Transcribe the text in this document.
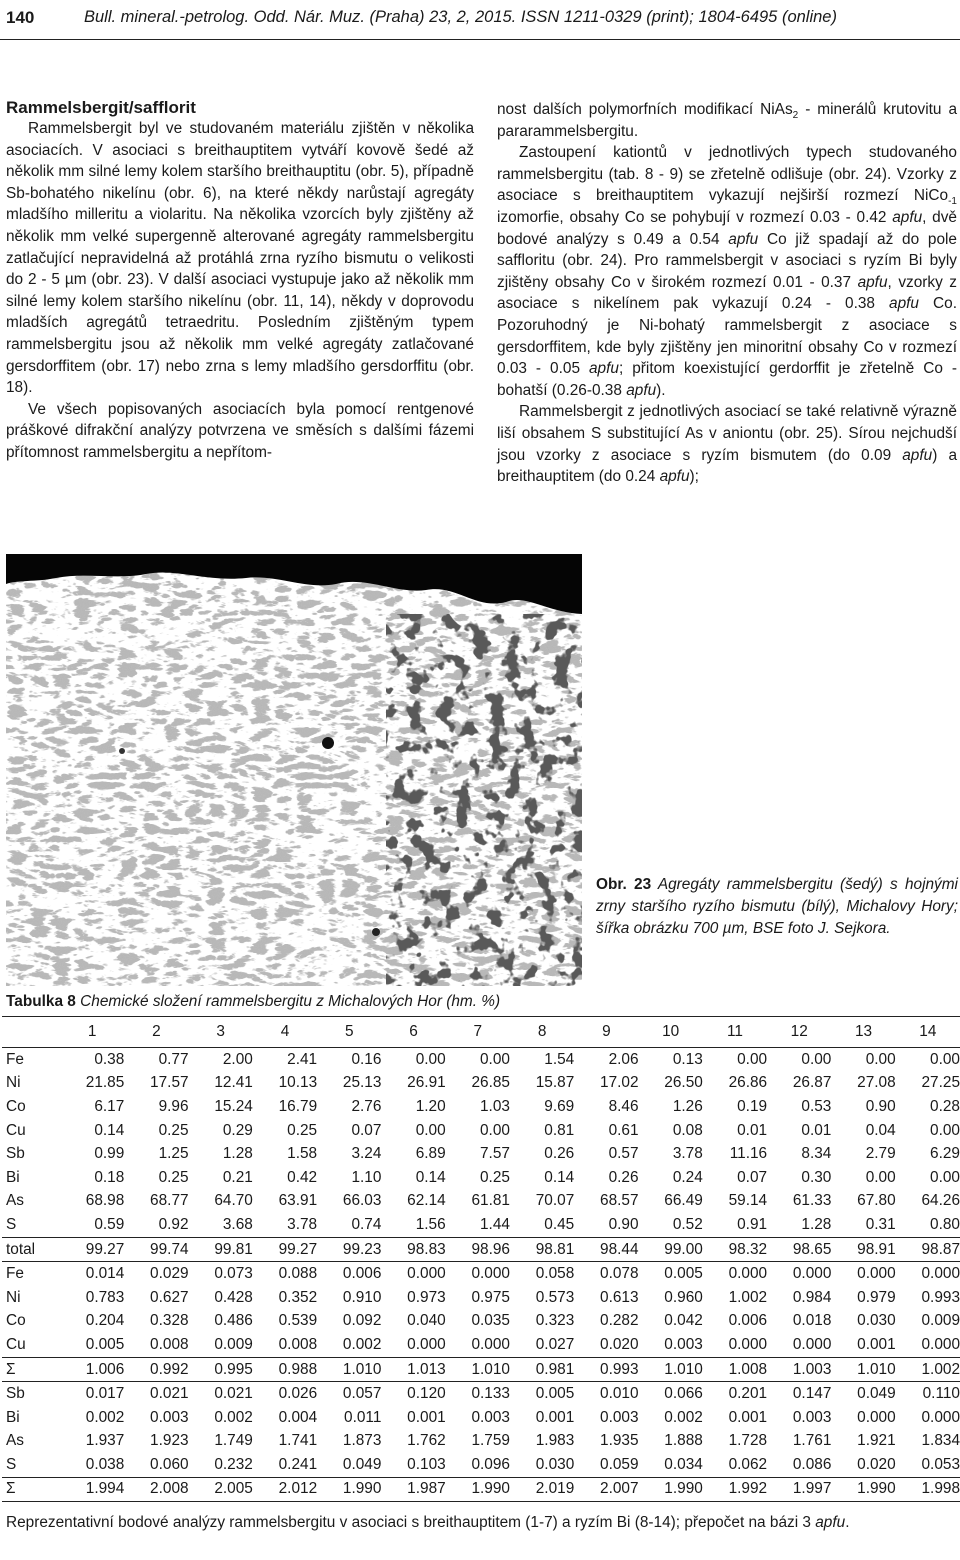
140	Bull. mineral.-petrolog. Odd. Nár. Muz. (Praha) 23, 2, 2015. ISSN 1211-0329 (print); 1804-6495 (online)
Rammelsbergit/safflorit

Rammelsbergit byl ve studovaném materiálu zjištěn v několika asociacích. V asociaci s breithauptitem vytváří kovově šedé až několik mm silné lemy kolem staršího breithauptitu (obr. 5), případně Sb-bohatého nikelínu (obr. 6), na které někdy narůstají agregáty mladšího milleritu a violaritu. Na několika vzorcích byly zjištěny až několik mm velké supergenně alterované agregáty rammelsbergitu zatlačující nepravidelná až protáhlá zrna ryzího bismutu o velikosti do 2 - 5 µm (obr. 23). V další asociaci vystupuje jako až několik mm silné lemy kolem staršího nikelínu (obr. 11, 14), někdy v doprovodu mladších agregátů tetraedritu. Posledním zjištěným typem rammelsbergitu jsou až několik mm velké agregáty zatlačované gersdorffitem (obr. 17) nebo zrna s lemy mladšího gersdorffitu (obr. 18).

Ve všech popisovaných asociacích byla pomocí rentgenové práškové difrakční analýzy potvrzena ve směsích s dalšími fázemi přítomnost rammelsbergitu a nepřítom-

nost dalších polymorfních modifikací NiAs$_2$ - minerálů krutovitu a pararammelsbergitu.

Zastoupení kationtů v jednotlivých typech studovaného rammelsbergitu (tab. 8 - 9) se zřetelně odlišuje (obr. 24). Vzorky z asociace s breithauptitem vykazují nejširší rozmezí NiCo$_{-1}$ izomorfie, obsahy Co se pohybují v rozmezí 0.03 - 0.42 apfu, dvě bodové analýzy s 0.49 a 0.54 apfu Co již spadají až do pole saffloritu (obr. 24). Pro rammelsbergit v asociaci s ryzím Bi byly zjištěny obsahy Co v širokém rozmezí 0.01 - 0.37 apfu, vzorky z asociace s nikelínem pak vykazují 0.24 - 0.38 apfu Co. Pozoruhodný je Ni-bohatý rammelsbergit z asociace s gersdorffitem, kde byly zjištěny jen minoritní obsahy Co v rozmezí 0.03 - 0.05 apfu; přitom koexistující gerdorffit je zřetelně Co -bohatší (0.26-0.38 apfu).

Rammelsbergit z jednotlivých asociací se také relativně výrazně liší obsahem S substitující As v aniontu (obr. 25). Sírou nejchudší jsou vzorky z asociace s ryzím bismutem (do 0.09 apfu) a breithauptitem (do 0.24 apfu);

Obr. 23 Agregáty rammelsbergitu (šedý) s hojnými zrny staršího ryzího bismutu (bílý), Michalovy Hory; šířka obrázku 700 µm, BSE foto J. Sejkora.
Tabulka 8 Chemické složení rammelsbergitu z Michalových Hor (hm. %)
	1	2	3	4	5	6	7	8	9	10	11	12	13	14
Fe	0.38	0.77	2.00	2.41	0.16	0.00	0.00	1.54	2.06	0.13	0.00	0.00	0.00	0.00
Ni	21.85	17.57	12.41	10.13	25.13	26.91	26.85	15.87	17.02	26.50	26.86	26.87	27.08	27.25
Co	6.17	9.96	15.24	16.79	2.76	1.20	1.03	9.69	8.46	1.26	0.19	0.53	0.90	0.28
Cu	0.14	0.25	0.29	0.25	0.07	0.00	0.00	0.81	0.61	0.08	0.01	0.01	0.04	0.00
Sb	0.99	1.25	1.28	1.58	3.24	6.89	7.57	0.26	0.57	3.78	11.16	8.34	2.79	6.29
Bi	0.18	0.25	0.21	0.42	1.10	0.14	0.25	0.14	0.26	0.24	0.07	0.30	0.00	0.00
As	68.98	68.77	64.70	63.91	66.03	62.14	61.81	70.07	68.57	66.49	59.14	61.33	67.80	64.26
S	0.59	0.92	3.68	3.78	0.74	1.56	1.44	0.45	0.90	0.52	0.91	1.28	0.31	0.80
total	99.27	99.74	99.81	99.27	99.23	98.83	98.96	98.81	98.44	99.00	98.32	98.65	98.91	98.87
Fe	0.014	0.029	0.073	0.088	0.006	0.000	0.000	0.058	0.078	0.005	0.000	0.000	0.000	0.000
Ni	0.783	0.627	0.428	0.352	0.910	0.973	0.975	0.573	0.613	0.960	1.002	0.984	0.979	0.993
Co	0.204	0.328	0.486	0.539	0.092	0.040	0.035	0.323	0.282	0.042	0.006	0.018	0.030	0.009
Cu	0.005	0.008	0.009	0.008	0.002	0.000	0.000	0.027	0.020	0.003	0.000	0.000	0.001	0.000
Σ	1.006	0.992	0.995	0.988	1.010	1.013	1.010	0.981	0.993	1.010	1.008	1.003	1.010	1.002
Sb	0.017	0.021	0.021	0.026	0.057	0.120	0.133	0.005	0.010	0.066	0.201	0.147	0.049	0.110
Bi	0.002	0.003	0.002	0.004	0.011	0.001	0.003	0.001	0.003	0.002	0.001	0.003	0.000	0.000
As	1.937	1.923	1.749	1.741	1.873	1.762	1.759	1.983	1.935	1.888	1.728	1.761	1.921	1.834
S	0.038	0.060	0.232	0.241	0.049	0.103	0.096	0.030	0.059	0.034	0.062	0.086	0.020	0.053
Σ	1.994	2.008	2.005	2.012	1.990	1.987	1.990	2.019	2.007	1.990	1.992	1.997	1.990	1.998
Reprezentativní bodové analýzy rammelsbergitu v asociaci s breithauptitem (1-7) a ryzím Bi (8-14); přepočet na bázi 3 apfu.
